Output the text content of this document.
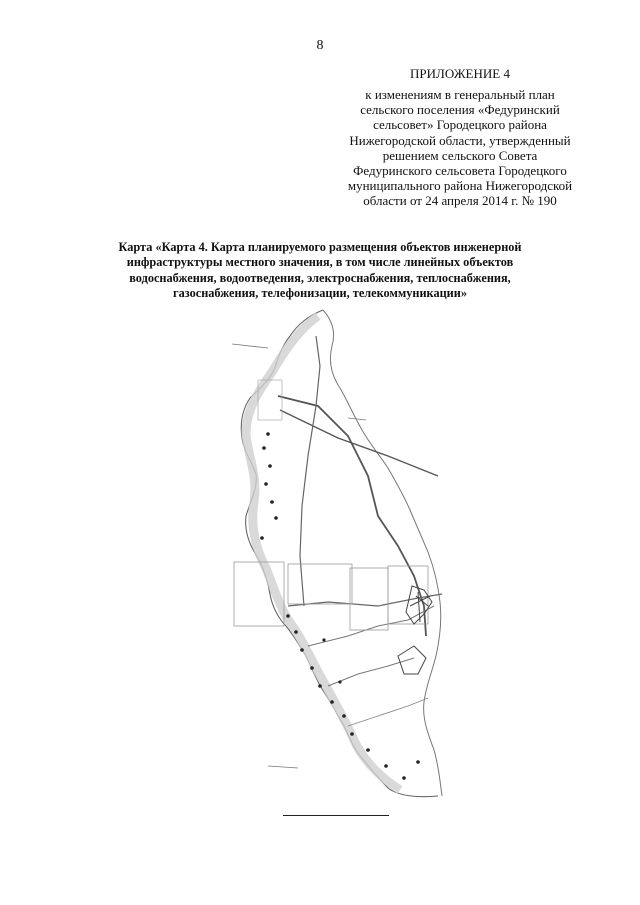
8
ПРИЛОЖЕНИЕ 4
к изменениям в генеральный план
сельского поселения «Федуринский
сельсовет» Городецкого района
Нижегородской области, утвержденный
решением сельского Совета
Федуринского сельсовета Городецкого
муниципального района Нижегородской
области от 24 апреля 2014 г. № 190
Карта «Карта 4. Карта планируемого размещения объектов инженерной
инфраструктуры местного значения, в том числе линейных объектов
водоснабжения, водоотведения, электроснабжения, теплоснабжения,
газоснабжения, телефонизации, телекоммуникации»
